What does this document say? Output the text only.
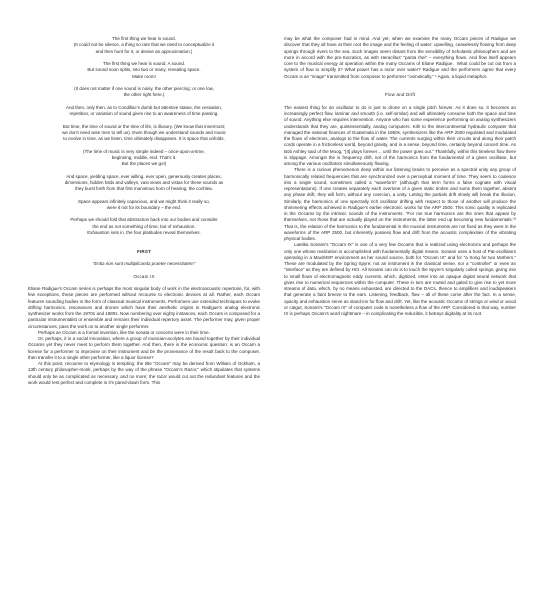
The first thing we hear is sound.

(It could not be silence, a thing so rare that we need to conceptualize it

and then hunt for it, or devise an approximation.)

The first thing we hear is sound. A sound.

But sound soon splits, into two or many, revealing space.

Make room!

(It does not matter if one sound is noisy, the other piercing; or one low,

the other right here.)

And then, only then, as to Condillac's dumb but attentive statue, the cessation,

repetition, or variation of sound gives rise to an awareness of time passing.

But time, the time of sound or the time of life, is illusory. (We know that innermost;

we don't need wise men to tell us). Even though we understand sounds and music

to evolve in time, as we listen, time ultimately disappears. It is space that unfolds.

(The time of music is very simple indeed – once-upon-a-time,

beginning, middle, end. That's it.

But the places we go!)

And space, yielding space, ever willing, ever open, generously creates places,

dimensions, hidden folds and valleys, vast views and vistas for these sounds as

they burst forth from that first marvelous horn of hearing, the cochlea.

Space appears infinitely capacious, and we might think it really so,

were it not for its boundary – the end.

Perhaps we should fold that abstraction back into our bodies and consider

the end as not something of time, but of exhaustion.

Exhaustion sets in, the four platitudes reveal themselves.

FIRST

"Entia non sunt multiplicanda praeter necessitatem"

Occam IX

Eliane Radigue's Occam series is perhaps the most singular body of work in the electroacoustic repertoire, for, with few exceptions, these pieces are performed without recourse to electronic devices at all. Rather, each Occam features sounding bodies in the form of classical musical instruments. Performers use extended techniques to evoke drifting harmonics, resonances and drones which have their aesthetic origins in Radigue's analog electronic synthesizer works from the 1970s and 1980s. Now numbering over eighty instances, each Occam is composed for a particular instrumentalist or ensemble and remains their individual repertory asset. The performer may, given proper circumstances, pass the work on to another single performer.

Perhaps an Occam is a formal invention, like the sonata or concerto were in their time.

Or, perhaps, it is a social innovation, where a group of musician-acolytes are bound together by their individual Occams yet they never meet to perform them together. And then, there is the economic question: is an Occam a license for a performer to improvise on their instrument and be the provenance of the result back to the composer, then transfer it to a single other performer, like a liquor license?

At this point, recourse to etymology is tempting: the title "Occam" may be derived from William of Ockham, a 13th century philosopher-monk, perhaps by the way of the phrase "Occam's Razor," which stipulates that systems should only be as complicated as necessary, and no more; the razor would cut out the redundant features and the work would rest perfect and complete in it's pared-down form. This

may be what the composer had in mind. And yet, when we examine the many Occam pieces of Radigue we discover that they all have at their root the image and the feeling of water: upwelling, ceaselessly flowing from deep springs through rivers to the sea. Such images seem distant from the sensibility of Scholastic philosophers and are more in accord with the pre-Socratics, as with Heraclitus' "panta rhei" – everything flows. And flow itself appears core to the musical energy at operation within the many Occams of Eliane Radigue.  What could be cut out from a system of flow to simplify it? What power has a razor over water? Radigue and the performers agree that every Occam is an "image" transmitted from composer to performer "osmotically." ¹ Again, a liquid metaphor.

Flow and Drift

The easiest thing for an oscillator to do is just to drone on a single pitch forever. As it does so, it becomes an increasingly perfect flow, laminar and smooth (i.e. self-similar) and will ultimately consume both the space and time of sound. Anything else requires intervention. Anyone who has some experience performing on analog synthesizers understands that they are, quintessentially, analog computers. Kith to the intercontinental hydraulic computer that managed the national finances of Guatemala in the 1950s, synthesizers like the ARP 2500 regulated and modulated the flows of electrons, analogs to the flow of water. The currents surging within their circuits and along their patch cords operate in a frictionless world, beyond gravity, and in a sense, beyond time, certainly beyond concert time. As Bob Ashley said of the Moog, "[It] plays forever… until the power goes out." Thankfully, within this timeless flow there is slippage. Amongst the is frequency drift, not of the harmonics from the fundamental of a given oscillator, but among the various oscillators simultaneously flowing.

There is a curious phenomenon deep within our listening brains to perceive as a spectral unity any group of harmonically related frequencies that are synchronized over a perceptual moment of time. They seem to coalesce into a single sound, sometimes called a "waveform" (although that term forms a false cognate with visual representations). If one creates separately each overtone of a given static timbre and sums them together, absent any phase drift, they will form, without any coercion, a unity. Letting the partials drift slowly will break the illusion. Similarly, the harmonics of one spectrally rich oscillator drifting with respect to those of another will produce the shimmering effects achieved in Radigue's earlier electronic works for the ARP 2500. This sonic quality is replicated in the Occams by the intrinsic sounds of the instruments. "For me true harmonics are the ones that appear by themselves, not those that are actually played on the instruments, the latter end up becoming new fundamentals."² That is, the relation of the harmonics to the fundamental in the musical instruments are not fixed as they were in the waveforms of the ARP 2500, but inherently possess flow and drift from the acoustic complexities of the vibrating physical bodies.

Laetitia Sonami's "Occam IX" is one of a very few Occams that is realized using electronics and perhaps the only one whose realization is accomplished with fundamentally digital means. Sonami uses a host of Pat-oscillators operating in a Max/MSP environment as her sound source, both for "Occam IX" and for "a Song for two Mothers." These are modulated by the Spring Spyre: not an instrument in the classical sense, nor a "controller" or even an "interface" as they are defined by HCI. All Sonami can do is to touch the Spyre's singularly coiled springs, giving rise to small flows of electromagnetic eddy currents, which, digitized, enter into an opaque digital neural network that gives rise to numerical sequences within the computer. These in turn are routed and gated to give rise to yet more streams of data, which, by no means exhausted, are directed to the DACs, thence to amplifiers and loudspeakers that generate a faint breeze to the ears. Listening, feedback, flow – all of these come after the fact. In a sense, opacity and exhaustion serve as stand-ins for flow and drift. Yet, like the acoustic Occams of strings or wind or wood or catgut, Sonami's "Occam IX" of computer code is nonetheless a flow of the ARP. Considered in that way, number IX is perhaps Occam's word nightmare – in complicating the reducible, it betrays digitality at its root.
